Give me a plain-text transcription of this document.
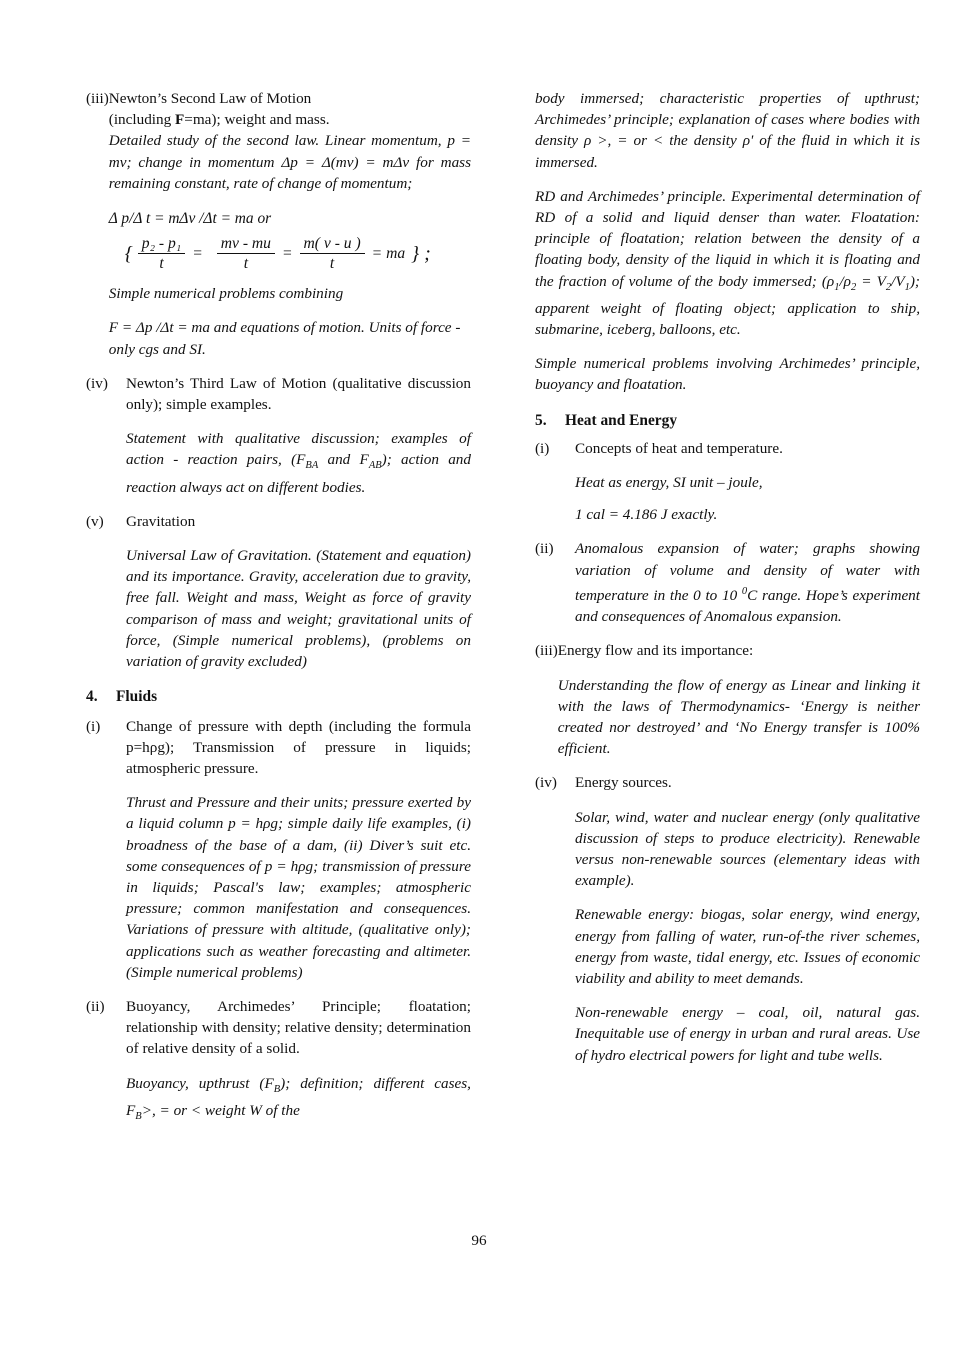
(iii) Newton’s Second Law of Motion

(including F=ma); weight and mass.

Detailed study of the second law. Linear momentum, p = mv; change in momentum Δp = Δ(mv) = mΔv for mass remaining constant, rate of change of momentum;

Δ p/Δ t = mΔv /Δt = ma or
{ $\frac{\text{p₂ - p₁}}{t} = \frac{mv - mu}{t} = \frac{m( v - u )}{t}$ = ma } ;

Simple numerical problems combining

F = Δp /Δt = ma and equations of motion. Units of force - only cgs and SI.

(iv)	Newton’s Third Law of Motion (qualitative discussion only); simple examples.

Statement with qualitative discussion; examples of action - reaction pairs, ($F_{BA}$ and $F_{AB}$); action and reaction always act on different bodies.

(v)	Gravitation

Universal Law of Gravitation. (Statement and equation) and its importance. Gravity, acceleration due to gravity, free fall. Weight and mass, Weight as force of gravity comparison of mass and weight; gravitational units of force, (Simple numerical problems), (problems on variation of gravity excluded)

4.	Fluids
(i)	Change of pressure with depth (including the formula p=hρg); Transmission of pressure in liquids; atmospheric pressure.

Thrust and Pressure and their units; pressure exerted by a liquid column p = hρg; simple daily life examples, (i) broadness of the base of a dam, (ii) Diver’s suit etc. some consequences of p = hρg; transmission of pressure in liquids; Pascal's law; examples; atmospheric pressure; common manifestation and consequences. Variations of pressure with altitude, (qualitative only); applications such as weather forecasting and altimeter. (Simple numerical problems)

(ii)	Buoyancy, Archimedes’ Principle; floatation; relationship with density; relative density; determination of relative density of a solid.

Buoyancy, upthrust $(F_B)$; definition; different cases, $F_B>$, = or < weight W of the

body immersed; characteristic properties of upthrust; Archimedes’ principle; explanation of cases where bodies with density ρ >, = or < the density ρ' of the fluid in which it is immersed.

RD and Archimedes’ principle. Experimental determination of RD of a solid and liquid denser than water. Floatation: principle of floatation; relation between the density of a floating body, density of the liquid in which it is floating and the fraction of volume of the body immersed; $(\rho_1/\rho_2 = V_2/V_1)$; apparent weight of floating object; application to ship, submarine, iceberg, balloons, etc.

Simple numerical problems involving Archimedes’ principle, buoyancy and floatation.

5.	Heat and Energy
(i)	Concepts of heat and temperature.

Heat as energy, SI unit – joule,

1 cal = 4.186 J exactly.

(ii)	Anomalous expansion of water; graphs showing variation of volume and density of water with temperature in the 0 to 10 $^0$C range. Hope’s experiment and consequences of Anomalous expansion.

(iii) Energy flow and its importance:

Understanding the flow of energy as Linear and linking it with the laws of Thermodynamics- ‘Energy is neither created nor destroyed’ and ‘No Energy transfer is 100% efficient.

(iv)	Energy sources.

Solar, wind, water and nuclear energy (only qualitative discussion of steps to produce electricity). Renewable versus non-renewable sources (elementary ideas with example).

Renewable energy: biogas, solar energy, wind energy, energy from falling of water, run-of-the river schemes, energy from waste, tidal energy, etc. Issues of economic viability and ability to meet demands.

Non-renewable energy – coal, oil, natural gas. Inequitable use of energy in urban and rural areas. Use of hydro electrical powers for light and tube wells.

96
